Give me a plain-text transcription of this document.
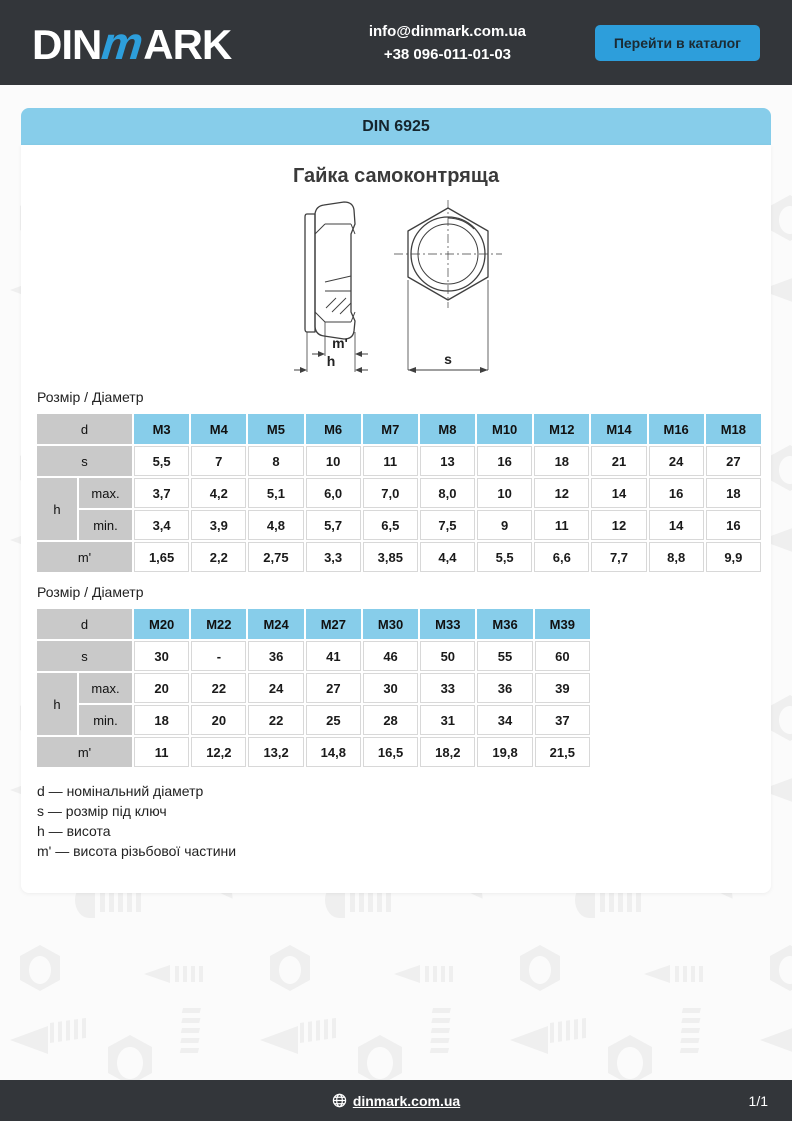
DIN
m
ARK	info@dinmark.com.ua
+38 096-011-01-03
Перейти в каталог
DIN 6925
Гайка самоконтряща
m'
h	s
Розмір / Діаметр
d		M3	M4	M5	M6	M7	M8	M10	M12	M14	M16	M18
s		5,5	7	8	10	11	13	16	18	21	24	27
h	max.	3,7	4,2	5,1	6,0	7,0	8,0	10	12	14	16	18
	min.	3,4	3,9	4,8	5,7	6,5	7,5	9	11	12	14	16
m'		1,65	2,2	2,75	3,3	3,85	4,4	5,5	6,6	7,7	8,8	9,9
Розмір / Діаметр
d		M20	M22	M24	M27	M30	M33	M36	M39
s		30	-	36	41	46	50	55	60
h	max.	20	22	24	27	30	33	36	39
	min.	18	20	22	25	28	31	34	37
m'		11	12,2	13,2	14,8	16,5	18,2	19,8	21,5
d — номінальний діаметр
s — розмір під ключ
h — висота
m' — висота різьбової частини
dinmark.com.ua	1/1
